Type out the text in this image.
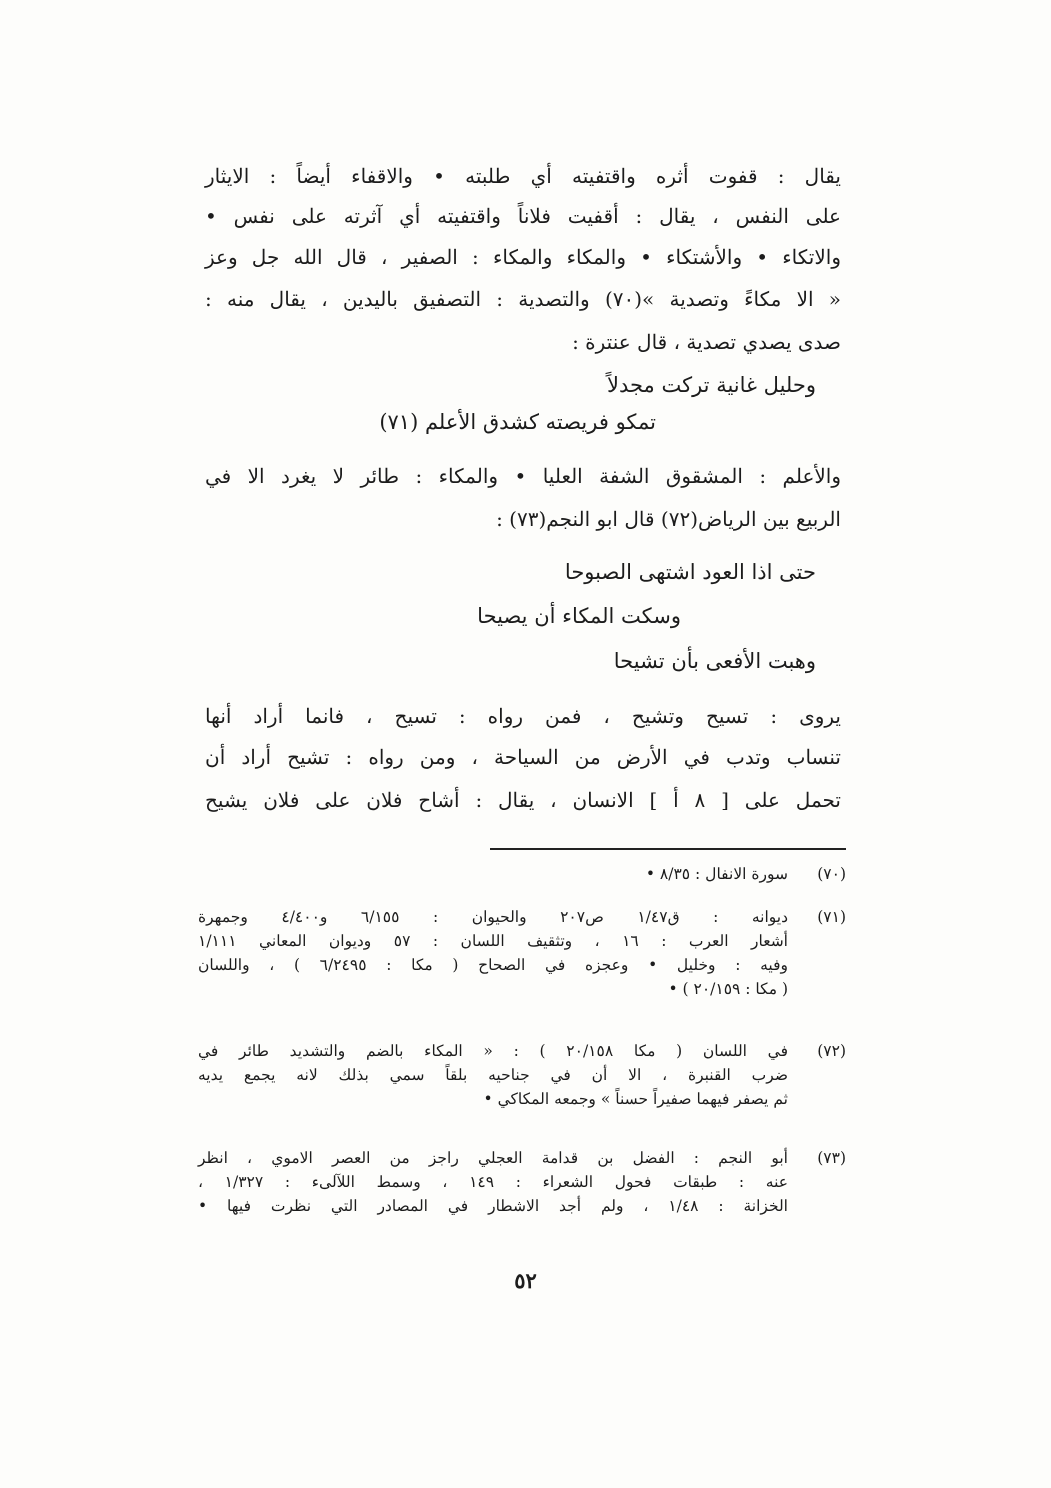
يقال : قفوت أثره واقتفيته أي طلبته • والاقفاء أيضاً : الايثار
على النفس ، يقال : أقفيت فلاناً واقتفيته أي آثرته على نفس •
والاتكاء • والأشتكاء • والمكاء والمكاء : الصفير ، قال الله جل وعز
« الا مكاءً وتصدية »(٧٠) والتصدية : التصفيق باليدين ، يقال منه :
صدى يصدي تصدية ، قال عنترة :
وحليل غانية تركت مجدلاً
تمكو فريصته كشدق الأعلم (٧١)
والأعلم : المشقوق الشفة العليا • والمكاء : طائر لا يغرد الا في
الربيع بين الرياض(٧٢) قال ابو النجم(٧٣) :
حتى اذا العود اشتهى الصبوحا
وسكت المكاء أن يصيحا
وهبت الأفعى بأن تشيحا
يروى : تسيح وتشيح ، فمن رواه : تسيح ، فانما أراد أنها
تنساب وتدب في الأرض من السياحة ، ومن رواه : تشيح أراد أن
تحمل على [ ٨ أ ] الانسان ، يقال : أشاح فلان على فلان يشيح
(٧٠)
سورة الانفال : ٨/٣٥ •
(٧١)
ديوانه : ق١/٤٧ ص٢٠٧ والحيوان : ٦/١٥٥ و٤/٤٠٠ وجمهرة
أشعار العرب : ١٦ ، وتثقيف اللسان : ٥٧ وديوان المعاني ١/١١١
وفيه : وخليل • وعجزه في الصحاح ( مكا : ٦/٢٤٩٥ ) ، واللسان
( مكا : ٢٠/١٥٩ ) •
(٧٢)
في اللسان ( مكا ٢٠/١٥٨ ) : « المكاء بالضم والتشديد طائر في
ضرب القنبرة ، الا أن في جناحيه بلقاً سمي بذلك لانه يجمع يديه
ثم يصفر فيهما صفيراً حسناً » وجمعه المكاكي •
(٧٣)
أبو النجم : الفضل بن قدامة العجلي راجز من العصر الاموي ، انظر
عنه : طبقات فحول الشعراء : ١٤٩ ، وسمط اللآلىء : ١/٣٢٧ ،
الخزانة : ١/٤٨ ، ولم أجد الاشطار في المصادر التي نظرت فيها •
٥٢
